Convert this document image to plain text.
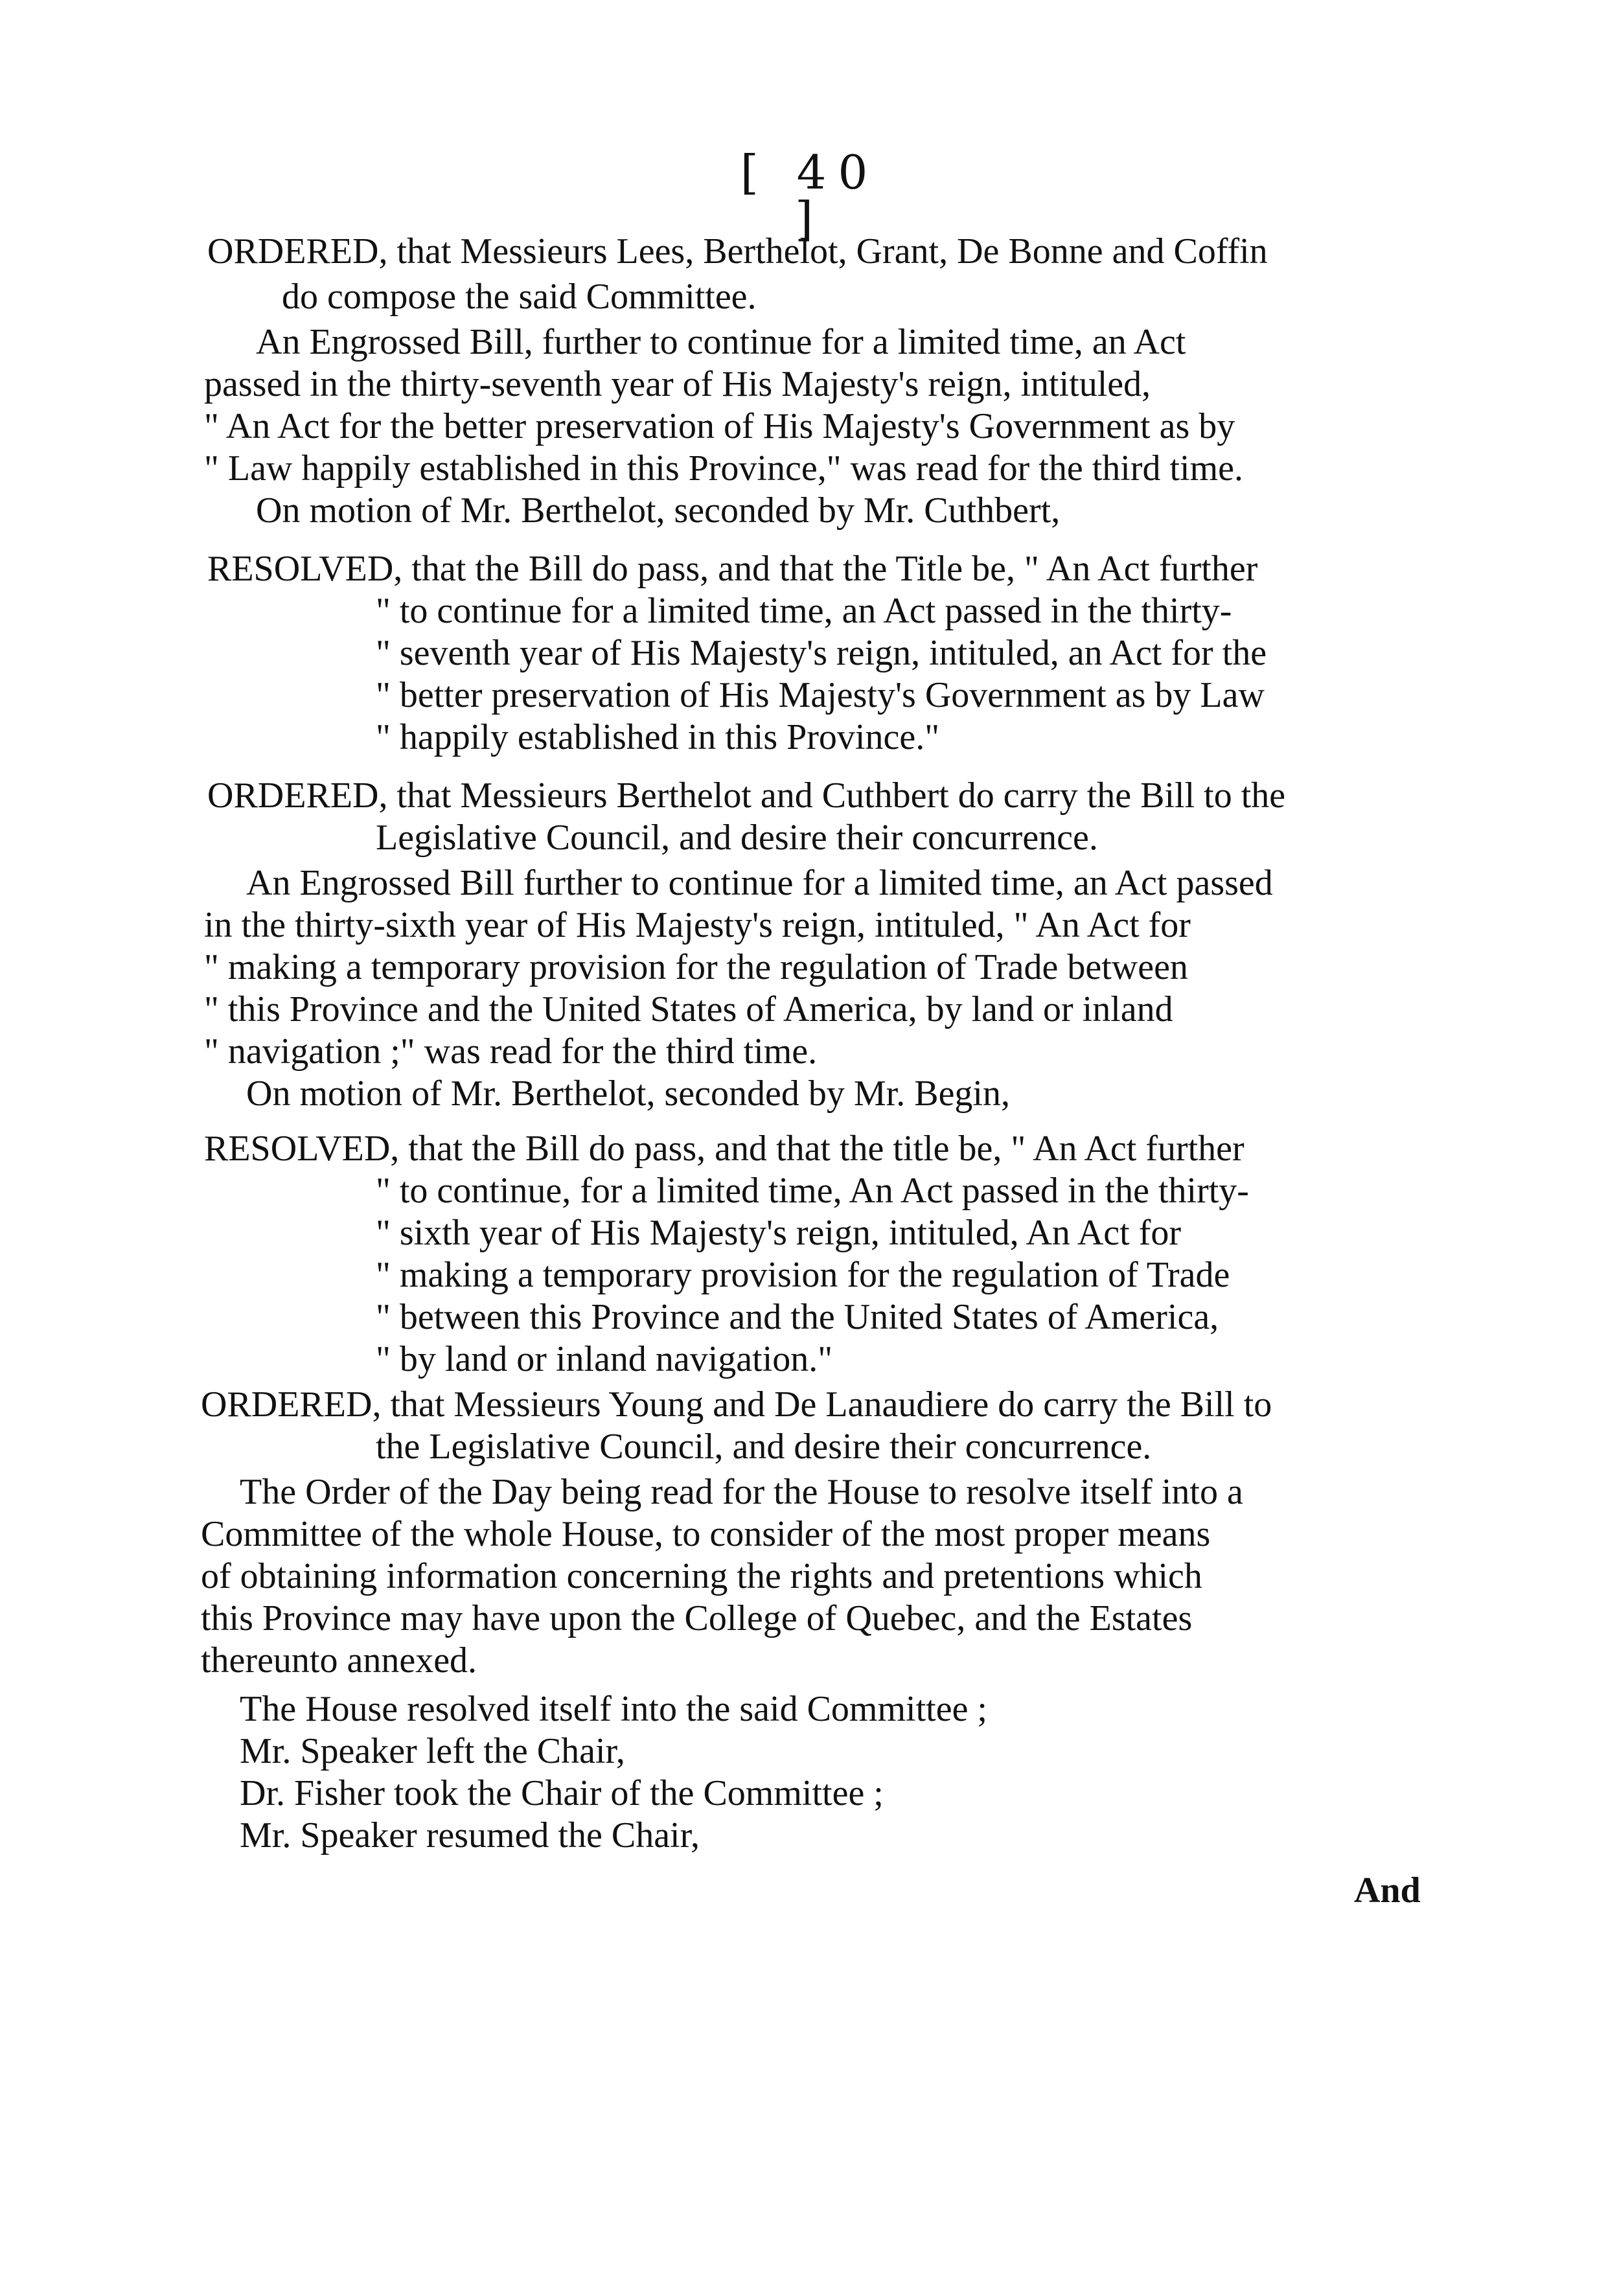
[ 40 ]
ORDERED, that Messieurs Lees, Berthelot, Grant, De Bonne and Coffin
do compose the said Committee.
An Engrossed Bill, further to continue for a limited time, an Act
passed in the thirty-seventh year of His Majesty's reign, intituled,
" An Act for the better preservation of His Majesty's Government as by
" Law happily established in this Province," was read for the third time.
On motion of Mr. Berthelot, seconded by Mr. Cuthbert,
RESOLVED, that the Bill do pass, and that the Title be, " An Act further
" to continue for a limited time, an Act passed in the thirty-
" seventh year of His Majesty's reign, intituled, an Act for the
" better preservation of His Majesty's Government as by Law
" happily established in this Province."
ORDERED, that Messieurs Berthelot and Cuthbert do carry the Bill to the
Legislative Council, and desire their concurrence.
An Engrossed Bill further to continue for a limited time, an Act passed
in the thirty-sixth year of His Majesty's reign, intituled, " An Act for
" making a temporary provision for the regulation of Trade between
" this Province and the United States of America, by land or inland
" navigation ;" was read for the third time.
On motion of Mr. Berthelot, seconded by Mr. Begin,
RESOLVED, that the Bill do pass, and that the title be, " An Act further
" to continue, for a limited time, An Act passed in the thirty-
" sixth year of His Majesty's reign, intituled, An Act for
" making a temporary provision for the regulation of Trade
" between this Province and the United States of America,
" by land or inland navigation."
ORDERED, that Messieurs Young and De Lanaudiere do carry the Bill to
the Legislative Council, and desire their concurrence.
The Order of the Day being read for the House to resolve itself into a
Committee of the whole House, to consider of the most proper means
of obtaining information concerning the rights and pretentions which
this Province may have upon the College of Quebec, and the Estates
thereunto annexed.
The House resolved itself into the said Committee ;
Mr. Speaker left the Chair,
Dr. Fisher took the Chair of the Committee ;
Mr. Speaker resumed the Chair,
And
